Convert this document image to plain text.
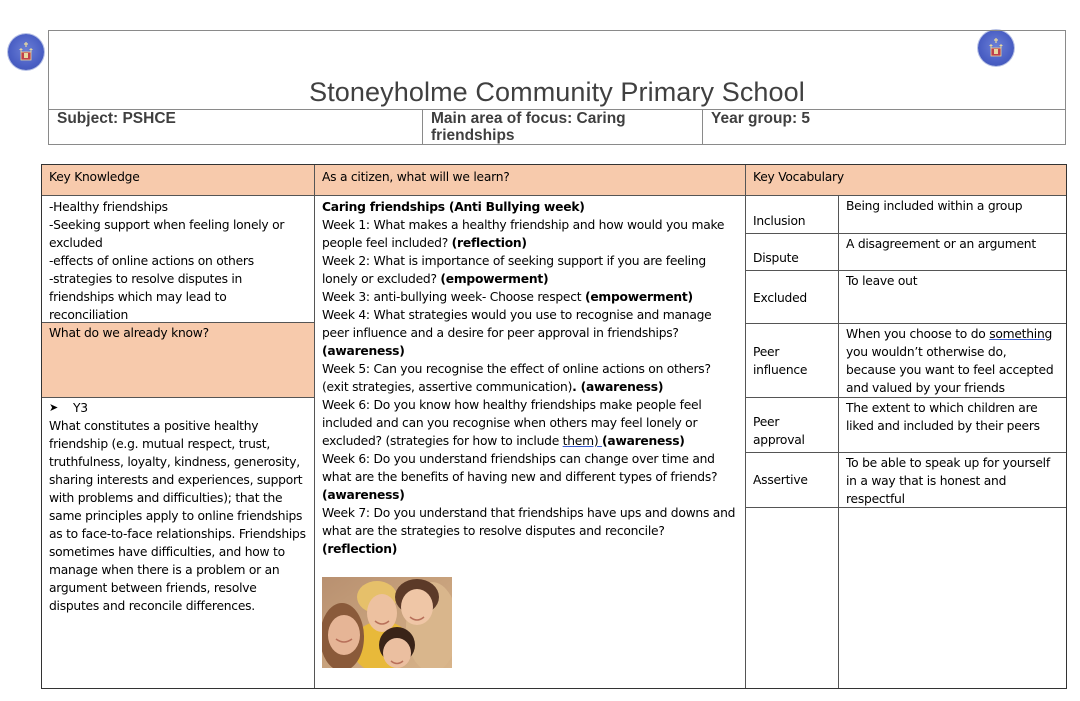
Stoneyholme Community Primary School
Subject: PSHCE	Main area of focus: Caring
friendships
Year group: 5
Key Knowledge
-Healthy friendships
-Seeking support when feeling lonely or
excluded
-effects of online actions on others
-strategies to resolve disputes in
friendships which may lead to
reconciliation
What do we already know?
➤	Y3
What constitutes a positive healthy friendship (e.g. mutual respect, trust, truthfulness, loyalty, kindness, generosity, sharing interests and experiences, support with problems and difficulties); that the same principles apply to online friendships as to face-to-face relationships. Friendships sometimes have difficulties, and how to manage when there is a problem or an argument between friends, resolve disputes and reconcile differences.
As a citizen, what will we learn?

Caring friendships (Anti Bullying week)

Week 1: What makes a healthy friendship and how would you make people feel included? (reflection)

Week 2: What is importance of seeking support if you are feeling lonely or excluded? (empowerment)

Week 3: anti-bullying week- Choose respect (empowerment)

Week 4: What strategies would you use to recognise and manage peer influence and a desire for peer approval in friendships? (awareness)

Week 5: Can you recognise the effect of online actions on others? (exit strategies, assertive communication). (awareness)

Week 6: Do you know how healthy friendships make people feel included and can you recognise when others may feel lonely or excluded? (strategies for how to include them) (awareness)

Week 6: Do you understand friendships can change over time and what are the benefits of having new and different types of friends? (awareness)

Week 7: Do you understand that friendships have ups and downs and what are the strategies to resolve disputes and reconcile?
(reflection)

Key Vocabulary
Inclusion
Being included within a group
Dispute
A disagreement or an argument
Excluded
To leave out
Peer influence
When you choose to do something you wouldn’t otherwise do, because you want to feel accepted and valued by your friends
Peer approval
The extent to which children are liked and included by their peers
Assertive
To be able to speak up for yourself in a way that is honest and respectful
